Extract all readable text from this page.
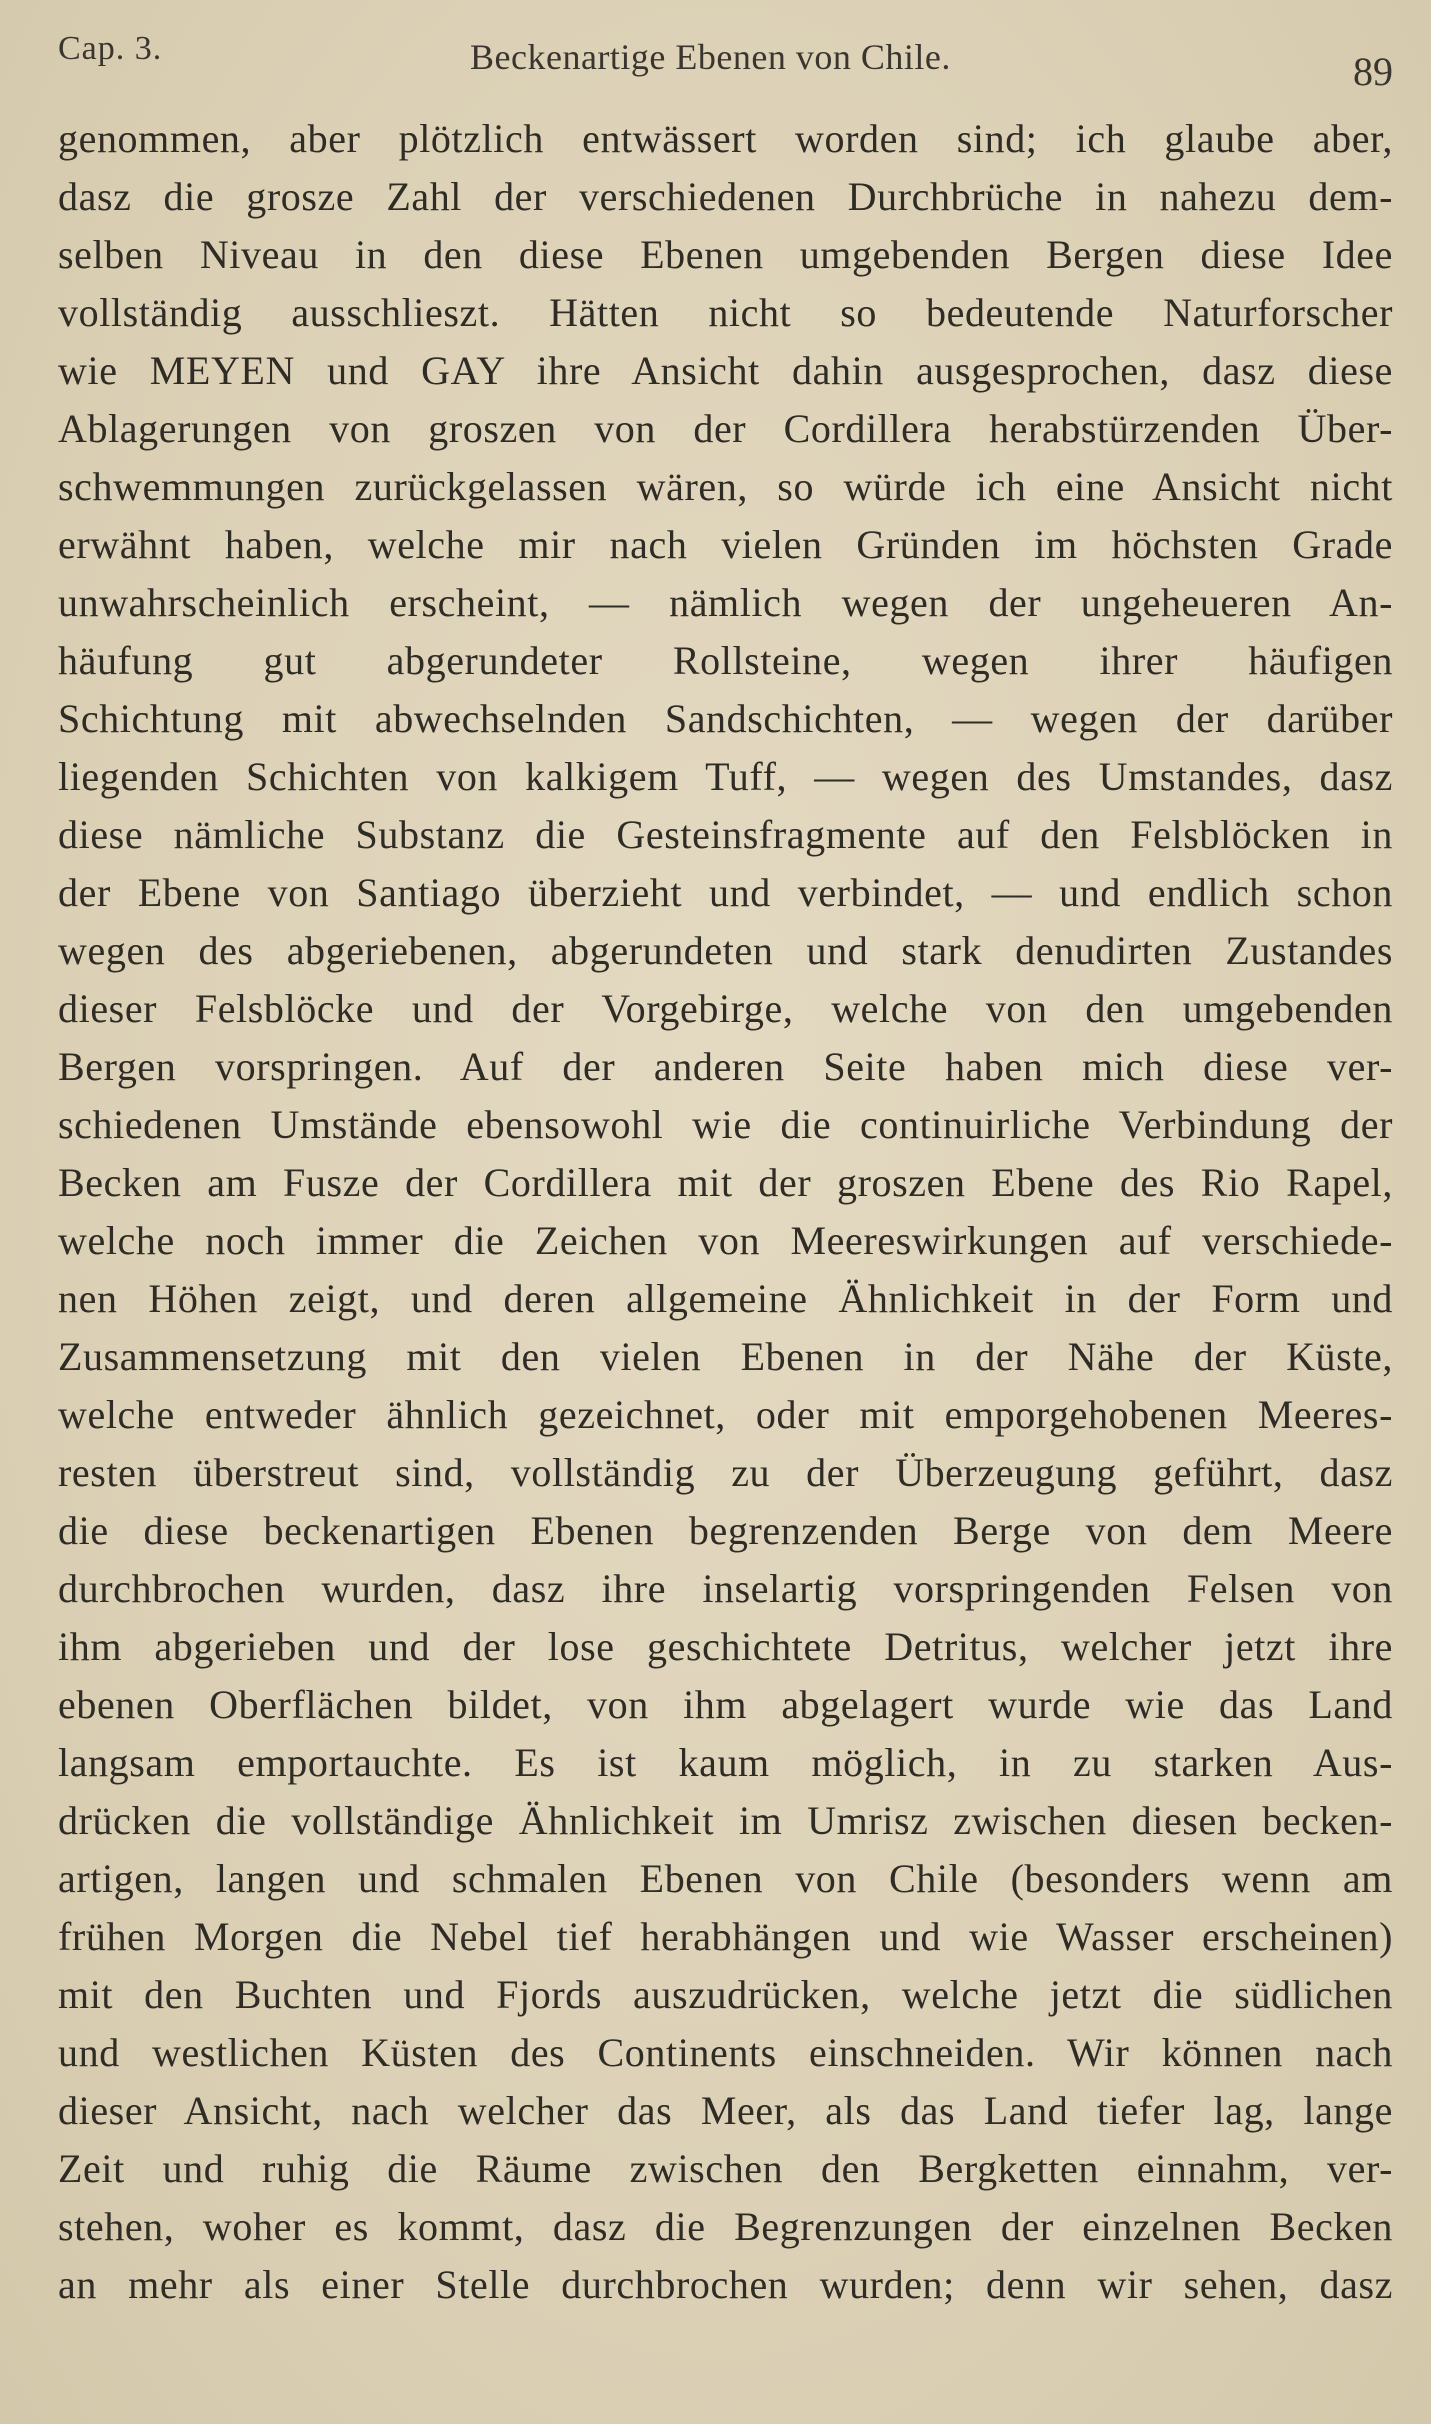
Cap. 3.	Beckenartige Ebenen von Chile.	89
genommen, aber plötzlich entwässert worden sind; ich glaube aber,
dasz die grosze Zahl der verschiedenen Durchbrüche in nahezu dem-
selben Niveau in den diese Ebenen umgebenden Bergen diese Idee
vollständig ausschlieszt. Hätten nicht so bedeutende Naturforscher
wie MEYEN und GAY ihre Ansicht dahin ausgesprochen, dasz diese
Ablagerungen von groszen von der Cordillera herabstürzenden Über-
schwemmungen zurückgelassen wären, so würde ich eine Ansicht nicht
erwähnt haben, welche mir nach vielen Gründen im höchsten Grade
unwahrscheinlich erscheint, — nämlich wegen der ungeheueren An-
häufung gut abgerundeter Rollsteine, wegen ihrer häufigen
Schichtung mit abwechselnden Sandschichten, — wegen der darüber
liegenden Schichten von kalkigem Tuff, — wegen des Umstandes, dasz
diese nämliche Substanz die Gesteinsfragmente auf den Felsblöcken in
der Ebene von Santiago überzieht und verbindet, — und endlich schon
wegen des abgeriebenen, abgerundeten und stark denudirten Zustandes
dieser Felsblöcke und der Vorgebirge, welche von den umgebenden
Bergen vorspringen. Auf der anderen Seite haben mich diese ver-
schiedenen Umstände ebensowohl wie die continuirliche Verbindung der
Becken am Fusze der Cordillera mit der groszen Ebene des Rio Rapel,
welche noch immer die Zeichen von Meereswirkungen auf verschiede-
nen Höhen zeigt, und deren allgemeine Ähnlichkeit in der Form und
Zusammensetzung mit den vielen Ebenen in der Nähe der Küste,
welche entweder ähnlich gezeichnet, oder mit emporgehobenen Meeres-
resten überstreut sind, vollständig zu der Überzeugung geführt, dasz
die diese beckenartigen Ebenen begrenzenden Berge von dem Meere
durchbrochen wurden, dasz ihre inselartig vorspringenden Felsen von
ihm abgerieben und der lose geschichtete Detritus, welcher jetzt ihre
ebenen Oberflächen bildet, von ihm abgelagert wurde wie das Land
langsam emportauchte. Es ist kaum möglich, in zu starken Aus-
drücken die vollständige Ähnlichkeit im Umrisz zwischen diesen becken-
artigen, langen und schmalen Ebenen von Chile (besonders wenn am
frühen Morgen die Nebel tief herabhängen und wie Wasser erscheinen)
mit den Buchten und Fjords auszudrücken, welche jetzt die südlichen
und westlichen Küsten des Continents einschneiden. Wir können nach
dieser Ansicht, nach welcher das Meer, als das Land tiefer lag, lange
Zeit und ruhig die Räume zwischen den Bergketten einnahm, ver-
stehen, woher es kommt, dasz die Begrenzungen der einzelnen Becken
an mehr als einer Stelle durchbrochen wurden; denn wir sehen, dasz
